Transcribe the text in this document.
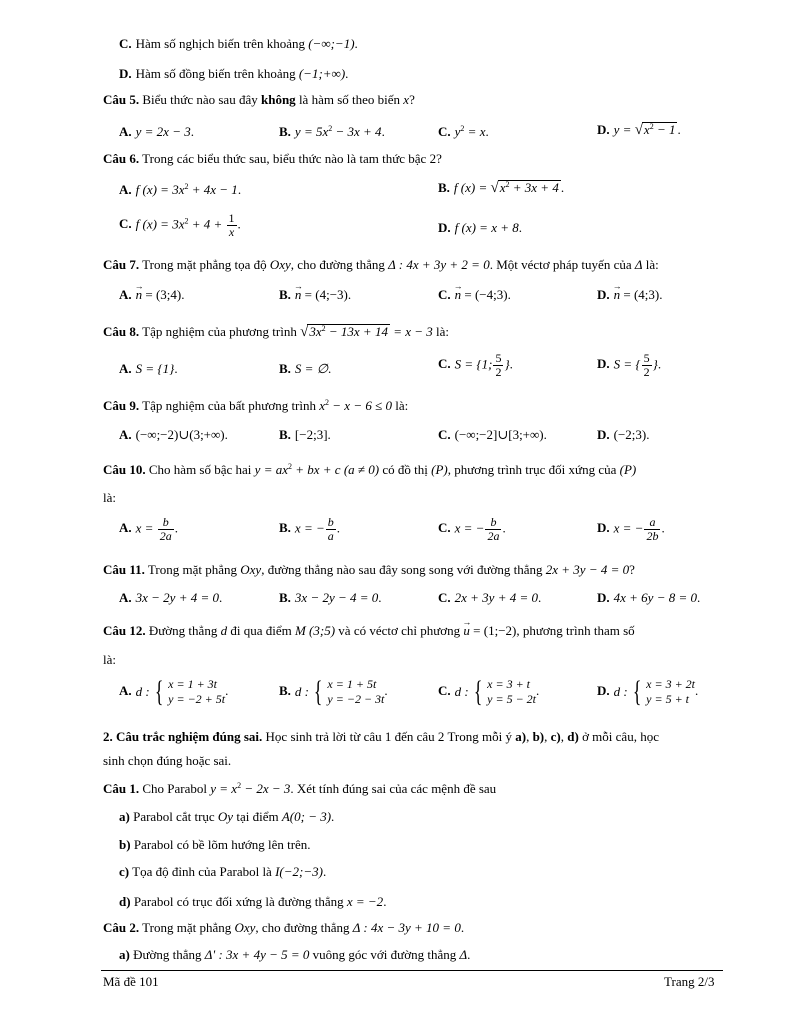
C. Hàm số nghịch biến trên khoảng (−∞;−1).
D. Hàm số đồng biến trên khoảng (−1;+∞).
Câu 5. Biểu thức nào sau đây không là hàm số theo biến x?
A. y = 2x − 3.	B. $y = 5x^2 - 3x + 4$.	C. $y^2 = x$.	D. $y = √x^2 - 1$ .
Câu 6. Trong các biểu thức sau, biểu thức nào là tam thức bậc 2?
A. f $(x) = 3x^2 + 4x - 1$.	B. f $(x) = √x^2 + 3x + 4$ .
C. f $(x) = 3x^2 + 4 + \frac{1}{x}$ .	D. f (x) = x + 8.
Câu 7. Trong mặt phẳng tọa độ Oxy, cho đường thẳng Δ : 4x + 3y + 2 = 0. Một véctơ pháp tuyến của Δ là:
A. → n = (3;4).	B. → n = (4;−3).	C. → n = (−4;3).	D. → n = (4;3).
Câu 8. Tập nghiệm của phương trình $√3x^2 - 13x + 14 = x - 3$ là:
A. S = {1}.	B. S = ∅.	C. S = {1; $\frac{5}{2}$ }.	D. S = { $\frac{5}{2}$ }.
Câu 9. Tập nghiệm của bất phương trình $x^2 - x - 6 \le 0$ là:
A. (−∞;−2)∪(3;+∞).	B. [−2;3].	C. (−∞;−2]∪[3;+∞).	D. (−2;3).
Câu 10. Cho hàm số bậc hai $y = ax^2$ + bx + c (a ≠ 0) có đồ thị (P), phương trình trục đối xứng của (P)
là:
A. $x = \frac{b}{2a}$ .	B. x = − $\frac{b}{a}$ .	C. x = − $\frac{b}{2a}$ .	D. x = − $\frac{a}{2b}$ .
Câu 11. Trong mặt phẳng Oxy, đường thẳng nào sau đây song song với đường thẳng 2x + 3y − 4 = 0?
A. 3x − 2y + 4 = 0.	B. 3x − 2y − 4 = 0.	C. 2x + 3y + 4 = 0.	D. 4x + 6y − 8 = 0.
Câu 12. Đường thẳng d đi qua điểm M (3;5) và có véctơ chỉ phương → u = (1;−2), phương trình tham số
là:
A. d : { x = 1 + 3t
y = −2 + 5t
.	B. d : { x = 1 + 5t
y = −2 − 3t
.	C. d : { x = 3 + t
y = 5 − 2t
.	D. d : { x = 3 + 2t
y = 5 + t
.
2. Câu trắc nghiệm đúng sai. Học sinh trả lời từ câu 1 đến câu 2 Trong mỗi ý a), b), c), d) ở mỗi câu, học
sinh chọn đúng hoặc sai.
Câu 1. Cho Parabol $y = x^2 - 2x - 3$. Xét tính đúng sai của các mệnh đề sau
a) Parabol cắt trục Oy tại điểm A(0; − 3).
b) Parabol có bề lõm hướng lên trên.
c) Tọa độ đỉnh của Parabol là I(−2;−3).
d) Parabol có trục đối xứng là đường thẳng x = −2.
Câu 2. Trong mặt phẳng Oxy, cho đường thẳng Δ : 4x − 3y + 10 = 0.
a) Đường thẳng Δ' : 3x + 4y − 5 = 0 vuông góc với đường thẳng Δ.
Mã đề 101	Trang 2/3
